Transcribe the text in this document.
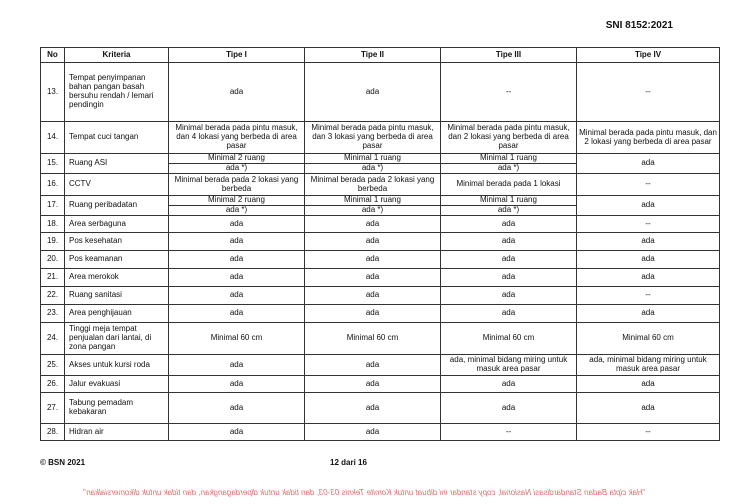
SNI 8152:2021
No	Kriteria	Tipe I	Tipe II	Tipe III	Tipe IV
13.	Tempat penyimpanan bahan pangan basah bersuhu rendah / lemari pendingin	ada	ada	--	--
14.	Tempat cuci tangan	Minimal berada pada pintu masuk, dan 4 lokasi yang berbeda di area pasar	Minimal berada pada pintu masuk, dan 3 lokasi yang berbeda di area pasar	Minimal berada pada pintu masuk, dan 2 lokasi yang berbeda di area pasar	Minimal berada pada pintu masuk, dan 2 lokasi yang berbeda di area pasar
15.	Ruang ASI	Minimal 2 ruang	Minimal 1 ruang	Minimal 1 ruang	ada
		ada *)	ada *)	ada *)	
16.	CCTV	Minimal berada pada 2 lokasi yang berbeda	Minimal berada pada 2 lokasi yang berbeda	Minimal berada pada 1 lokasi	--
17.	Ruang peribadatan	Minimal 2 ruang	Minimal 1 ruang	Minimal 1 ruang	ada
		ada *)	ada *)	ada *)	
18.	Area serbaguna	ada	ada	ada	--
19.	Pos kesehatan	ada	ada	ada	ada
20.	Pos keamanan	ada	ada	ada	ada
21.	Area merokok	ada	ada	ada	ada
22.	Ruang sanitasi	ada	ada	ada	--
23.	Area penghijauan	ada	ada	ada	ada
24.	Tinggi meja tempat penjualan dari lantai, di zona pangan	Minimal 60 cm	Minimal 60 cm	Minimal 60 cm	Minimal 60 cm
25.	Akses untuk kursi roda	ada	ada	ada, minimal bidang miring untuk masuk area pasar	ada, minimal bidang miring untuk masuk area pasar
26.	Jalur evakuasi	ada	ada	ada	ada
27.	Tabung pemadam kebakaran	ada	ada	ada	ada
28.	Hidran air	ada	ada	--	--
© BSN 2021	12 dari 16
"Hak cipta Badan Standardisasi Nasional, copy standar ini dibuat untuk Komite Teknis 03-03, dan tidak untuk diperdagangkan, dan tidak untuk dikomersialkan"
